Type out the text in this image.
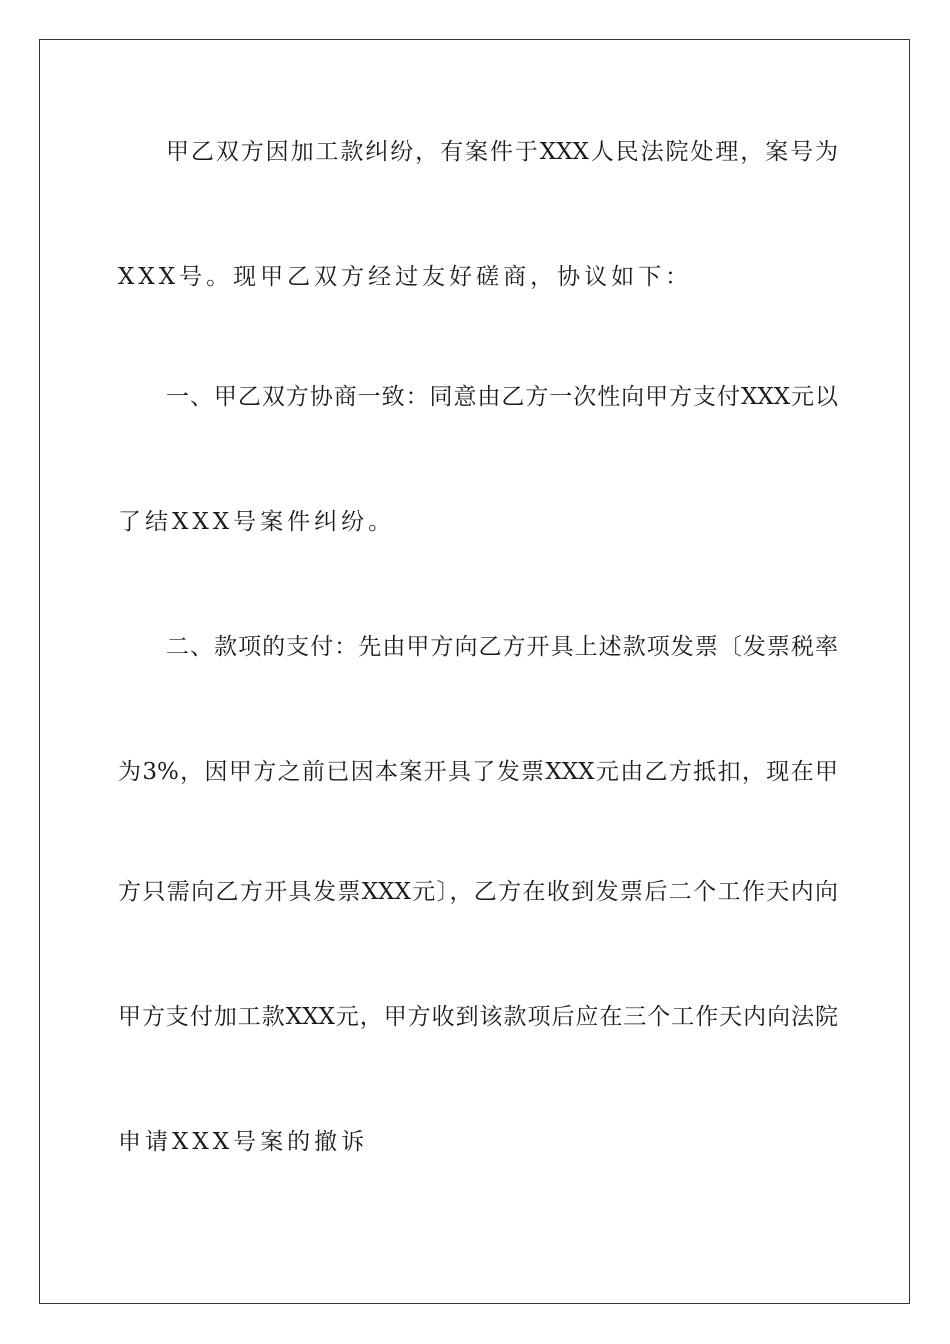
甲乙双方因加工款纠纷，有案件于XXX人民法院处理，案号为
XXX号。现甲乙双方经过友好磋商，协议如下：
一、甲乙双方协商一致：同意由乙方一次性向甲方支付XXX元以
了结XXX号案件纠纷。
二、款项的支付：先由甲方向乙方开具上述款项发票〔发票税率
为3%，因甲方之前已因本案开具了发票XXX元由乙方抵扣，现在甲
方只需向乙方开具发票XXX元〕，乙方在收到发票后二个工作天内向
甲方支付加工款XXX元，甲方收到该款项后应在三个工作天内向法院
申请XXX号案的撤诉
